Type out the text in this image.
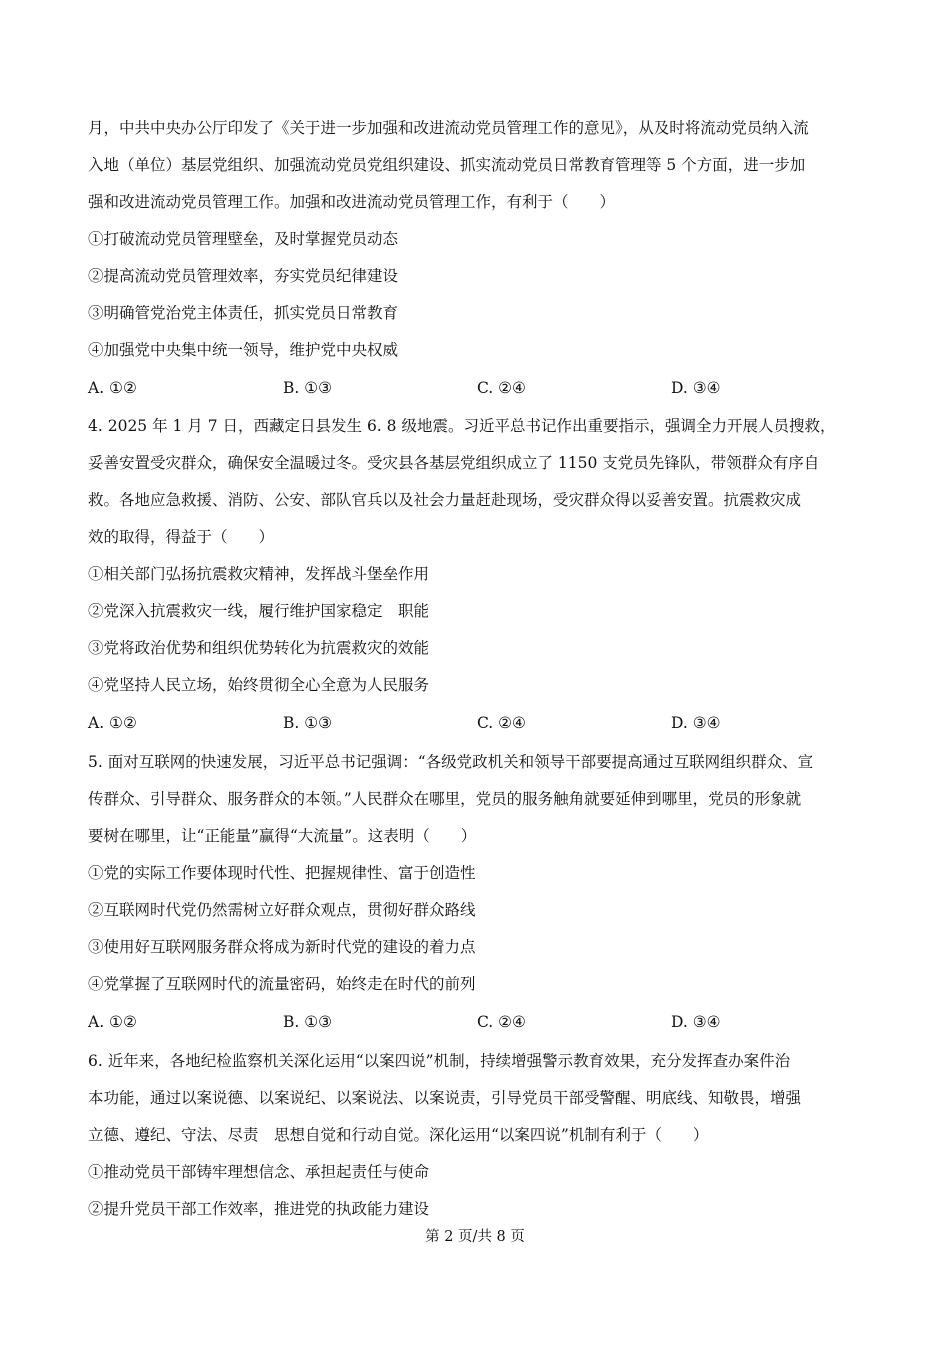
月，中共中央办公厅印发了《关于进一步加强和改进流动党员管理工作的意见》，从及时将流动党员纳入流
入地（单位）基层党组织、加强流动党员党组织建设、抓实流动党员日常教育管理等 5 个方面，进一步加
强和改进流动党员管理工作。加强和改进流动党员管理工作，有利于（　　）
①打破流动党员管理壁垒，及时掌握党员动态
②提高流动党员管理效率，夯实党员纪律建设
③明确管党治党主体责任，抓实党员日常教育
④加强党中央集中统一领导，维护党中央权威
A. ①②	B. ①③	C. ②④	D. ③④
4. 2025 年 1 月 7 日，西藏定日县发生 6. 8 级地震。习近平总书记作出重要指示，强调全力开展人员搜救，
妥善安置受灾群众，确保安全温暖过冬。受灾县各基层党组织成立了 1150 支党员先锋队，带领群众有序自
救。各地应急救援、消防、公安、部队官兵以及社会力量赶赴现场，受灾群众得以妥善安置。抗震救灾成
效的取得，得益于（　　）
①相关部门弘扬抗震救灾精神，发挥战斗堡垒作用
②党深入抗震救灾一线，履行维护国家稳定　职能
③党将政治优势和组织优势转化为抗震救灾的效能
④党坚持人民立场，始终贯彻全心全意为人民服务
A. ①②	B. ①③	C. ②④	D. ③④
5. 面对互联网的快速发展，习近平总书记强调：“各级党政机关和领导干部要提高通过互联网组织群众、宣
传群众、引导群众、服务群众的本领。”人民群众在哪里，党员的服务触角就要延伸到哪里，党员的形象就
要树在哪里，让“正能量”赢得“大流量”。这表明（　　）
①党的实际工作要体现时代性、把握规律性、富于创造性
②互联网时代党仍然需树立好群众观点，贯彻好群众路线
③使用好互联网服务群众将成为新时代党的建设的着力点
④党掌握了互联网时代的流量密码，始终走在时代的前列
A. ①②	B. ①③	C. ②④	D. ③④
6. 近年来，各地纪检监察机关深化运用“以案四说”机制，持续增强警示教育效果，充分发挥查办案件治
本功能，通过以案说德、以案说纪、以案说法、以案说责，引导党员干部受警醒、明底线、知敬畏，增强
立德、遵纪、守法、尽责　思想自觉和行动自觉。深化运用“以案四说”机制有利于（　　）
①推动党员干部铸牢理想信念、承担起责任与使命
②提升党员干部工作效率，推进党的执政能力建设
第 2 页/共 8 页
